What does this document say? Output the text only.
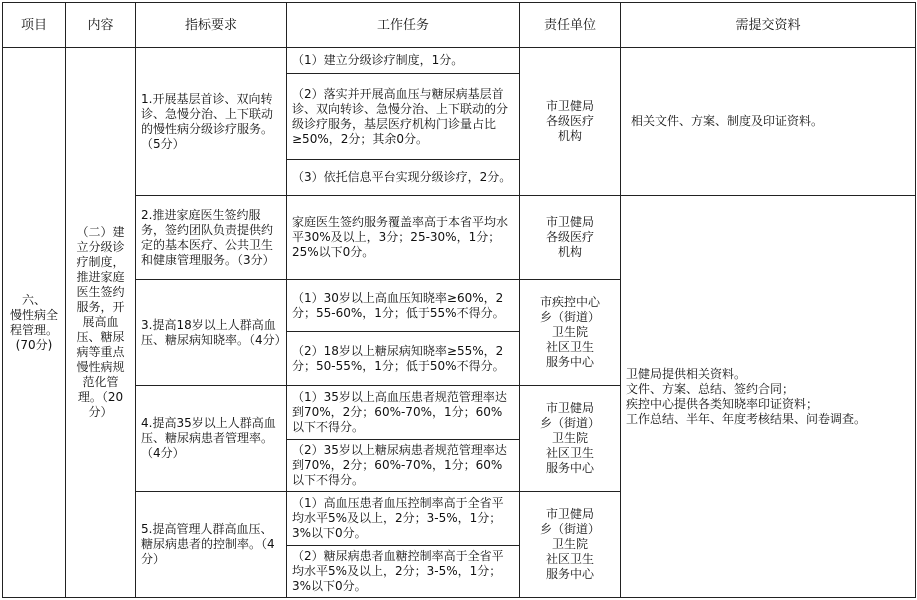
项目	内容	指标要求	工作任务	责任单位	需提交资料
六、
慢性病全程管理。
(70分)	（二）建立分级诊疗制度，推进家庭医生签约服务，开展高血压、糖尿病等重点慢性病规范化管理。（20分）	1.开展基层首诊、双向转诊、急慢分治、上下联动的慢性病分级诊疗服务。（5分）	（1）建立分级诊疗制度，1分。	市卫健局
各级医疗
机构	相关文件、方案、制度及印证资料。
			（2）落实并开展高血压与糖尿病基层首诊、双向转诊、急慢分治、上下联动的分级诊疗服务，基层医疗机构门诊量占比≥50%，2分；其余0分。		
			（3）依托信息平台实现分级诊疗，2分。		
		2.推进家庭医生签约服务，签约团队负责提供约定的基本医疗、公共卫生和健康管理服务。（3分）	家庭医生签约服务覆盖率高于本省平均水平30%及以上，3分；25-30%，1分；25%以下0分。	市卫健局
各级医疗
机构	卫健局提供相关资料。
文件、方案、总结、签约合同；
疾控中心提供各类知晓率印证资料；
工作总结、半年、年度考核结果、问卷调查。
		3.提高18岁以上人群高血压、糖尿病知晓率。（4分）	（1）30岁以上高血压知晓率≥60%，2分；55-60%，1分；低于55%不得分。	市疾控中心
乡（街道）
卫生院
社区卫生
服务中心	
			（2）18岁以上糖尿病知晓率≥55%，2分；50-55%，1分；低于50%不得分。		
		4.提高35岁以上人群高血压、糖尿病患者管理率。（4分）	（1）35岁以上高血压患者规范管理率达到70%，2分；60%-70%，1分；60%以下不得分。	市卫健局
乡（街道）
卫生院
社区卫生
服务中心	
			（2）35岁以上糖尿病患者规范管理率达到70%，2分；60%-70%，1分；60%以下不得分。		
		5.提高管理人群高血压、糖尿病患者的控制率。（4分）	（1）高血压患者血压控制率高于全省平均水平5%及以上，2分；3-5%，1分；3%以下0分。	市卫健局
乡（街道）
卫生院
社区卫生
服务中心	
			（2）糖尿病患者血糖控制率高于全省平均水平5%及以上，2分；3-5%，1分；3%以下0分。		
